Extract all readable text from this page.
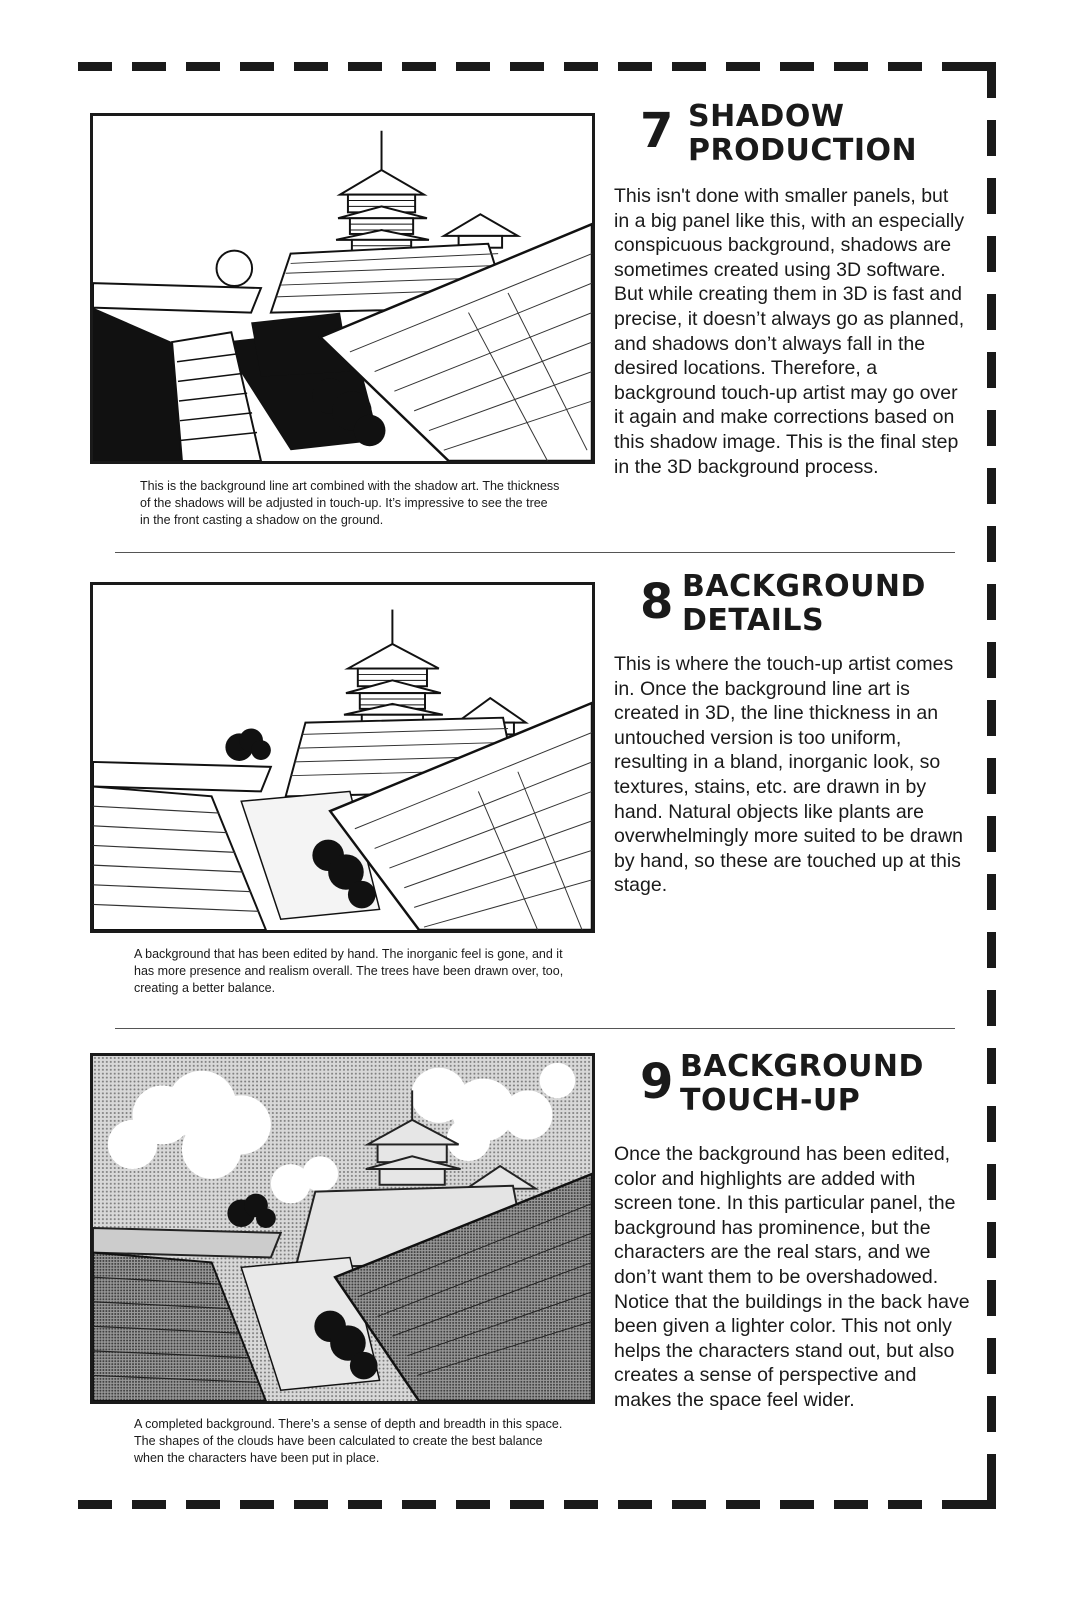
This is the background line art combined with the shadow art. The thickness of the shadows will be adjusted in touch-up. It’s impressive to see the tree in the front casting a shadow on the ground.
7 SHADOW
PRODUCTION
This isn't done with smaller panels, but in a big panel like this, with an especially conspicuous background, shadows are sometimes created using 3D software. But while creating them in 3D is fast and precise, it doesn’t always go as planned, and shadows don’t always fall in the desired locations. Therefore, a background touch-up artist may go over it again and make corrections based on this shadow image. This is the final step in the 3D background process.
A background that has been edited by hand. The inorganic feel is gone, and it has more presence and realism overall. The trees have been drawn over, too, creating a better balance.
8 BACKGROUND
DETAILS
This is where the touch-up artist comes in. Once the background line art is created in 3D, the line thickness in an untouched version is too uniform, resulting in a bland, inorganic look, so textures, stains, etc. are drawn in by hand. Natural objects like plants are overwhelmingly more suited to be drawn by hand, so these are touched up at this stage.
A completed background. There’s a sense of depth and breadth in this space. The shapes of the clouds have been calculated to create the best balance when the characters have been put in place.
9 BACKGROUND
TOUCH-UP
Once the background has been edited, color and highlights are added with screen tone. In this particular panel, the background has prominence, but the characters are the real stars, and we don’t want them to be overshadowed. Notice that the buildings in the back have been given a lighter color. This not only helps the characters stand out, but also creates a sense of perspective and makes the space feel wider.
